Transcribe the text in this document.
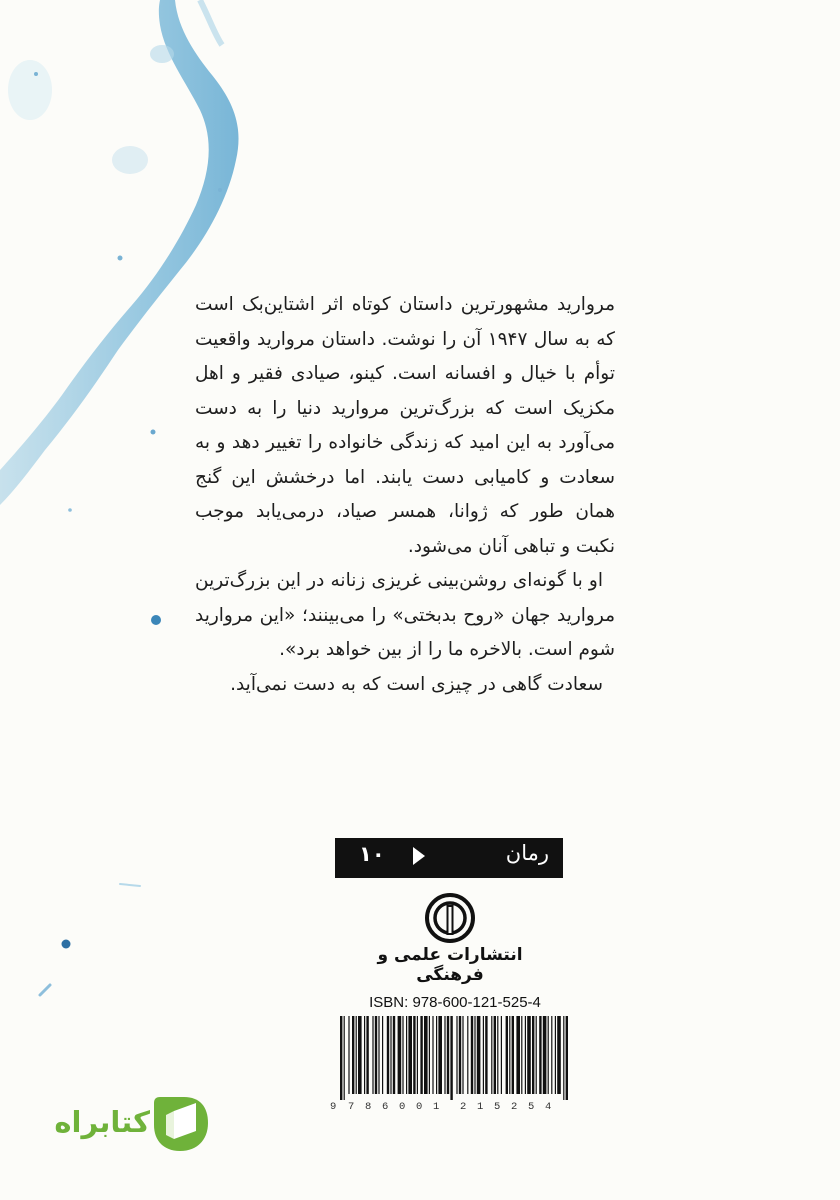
مروارید مشهورترین داستان کوتاه اثر اشتاین‌بک است که به سال ۱۹۴۷ آن را نوشت. داستان مروارید واقعیت توأم با خیال و افسانه است. کینو، صیادی فقیر و اهل مکزیک است که بزرگ‌ترین مروارید دنیا را به دست می‌آورد به این امید که زندگی خانواده را تغییر دهد و به سعادت و کامیابی دست یابند. اما درخشش این گنج همان طور که ژوانا، همسر صیاد، درمی‌یابد موجب نکبت و تباهی آنان می‌شود.

او با گونه‌ای روشن‌بینی غریزی زنانه در این بزرگ‌ترین مروارید جهان «روح بدبختی» را می‌بینند؛ «این مروارید شوم است. بالاخره ما را از بین خواهد برد».

سعادت گاهی در چیزی است که به دست نمی‌آید.

رمان
۱۰
انتشارات علمی و فرهنگی
ISBN: 978-600-121-525-4
9 7 8 6 0 0 1 2 1 5 2 5 4
کتابراه
